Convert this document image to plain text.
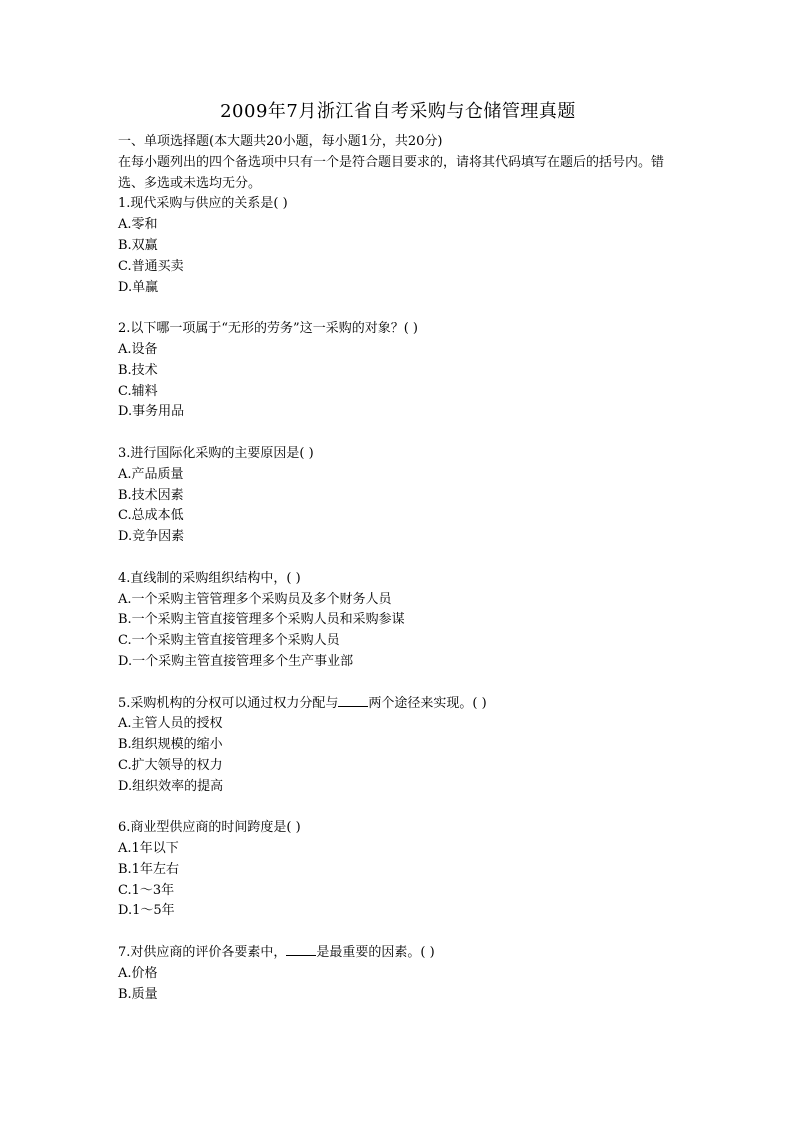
2009年7月浙江省自考采购与仓储管理真题
一、单项选择题(本大题共20小题，每小题1分，共20分)
在每小题列出的四个备选项中只有一个是符合题目要求的，请将其代码填写在题后的括号内。错选、多选或未选均无分。
1.现代采购与供应的关系是( )
A.零和
B.双赢
C.普通买卖
D.单赢
2.以下哪一项属于“无形的劳务”这一采购的对象？( )
A.设备
B.技术
C.辅料
D.事务用品
3.进行国际化采购的主要原因是( )
A.产品质量
B.技术因素
C.总成本低
D.竞争因素
4.直线制的采购组织结构中，( )
A.一个采购主管管理多个采购员及多个财务人员
B.一个采购主管直接管理多个采购人员和采购参谋
C.一个采购主管直接管理多个采购人员
D.一个采购主管直接管理多个生产事业部
5.采购机构的分权可以通过权力分配与 两个途径来实现。( )
A.主管人员的授权
B.组织规模的缩小
C.扩大领导的权力
D.组织效率的提高
6.商业型供应商的时间跨度是( )
A.1年以下
B.1年左右
C.1～3年
D.1～5年
7.对供应商的评价各要素中， 是最重要的因素。( )
A.价格
B.质量
